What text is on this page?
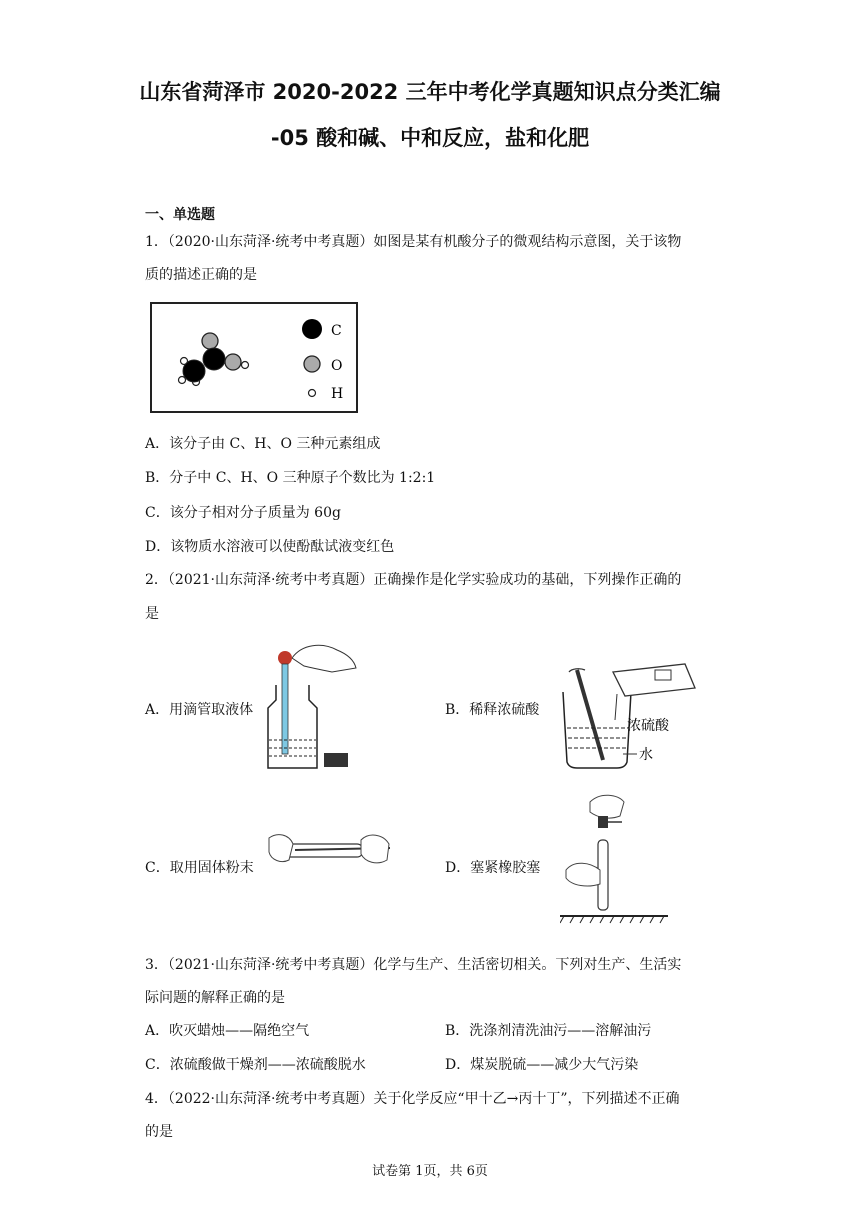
山东省菏泽市 2020-2022 三年中考化学真题知识点分类汇编
-05 酸和碱、中和反应，盐和化肥
一、单选题
1．（2020·山东菏泽·统考中考真题）如图是某有机酸分子的微观结构示意图，关于该物
质的描述正确的是
C
O
H
A．该分子由 C、H、O 三种元素组成
B．分子中 C、H、O 三种原子个数比为 1:2:1
C．该分子相对分子质量为 60g
D．该物质水溶液可以使酚酞试液变红色
2．（2021·山东菏泽·统考中考真题）正确操作是化学实验成功的基础，下列操作正确的
是
A．用滴管取液体	B．稀释浓硫酸
C．取用固体粉末	D．塞紧橡胶塞
浓硫酸
水
3．（2021·山东菏泽·统考中考真题）化学与生产、生活密切相关。下列对生产、生活实
际问题的解释正确的是
A．吹灭蜡烛——隔绝空气	B．洗涤剂清洗油污——溶解油污
C．浓硫酸做干燥剂——浓硫酸脱水	D．煤炭脱硫——减少大气污染
4．（2022·山东菏泽·统考中考真题）关于化学反应“甲十乙→丙十丁”，下列描述不正确
的是
试卷第 1页，共 6页
